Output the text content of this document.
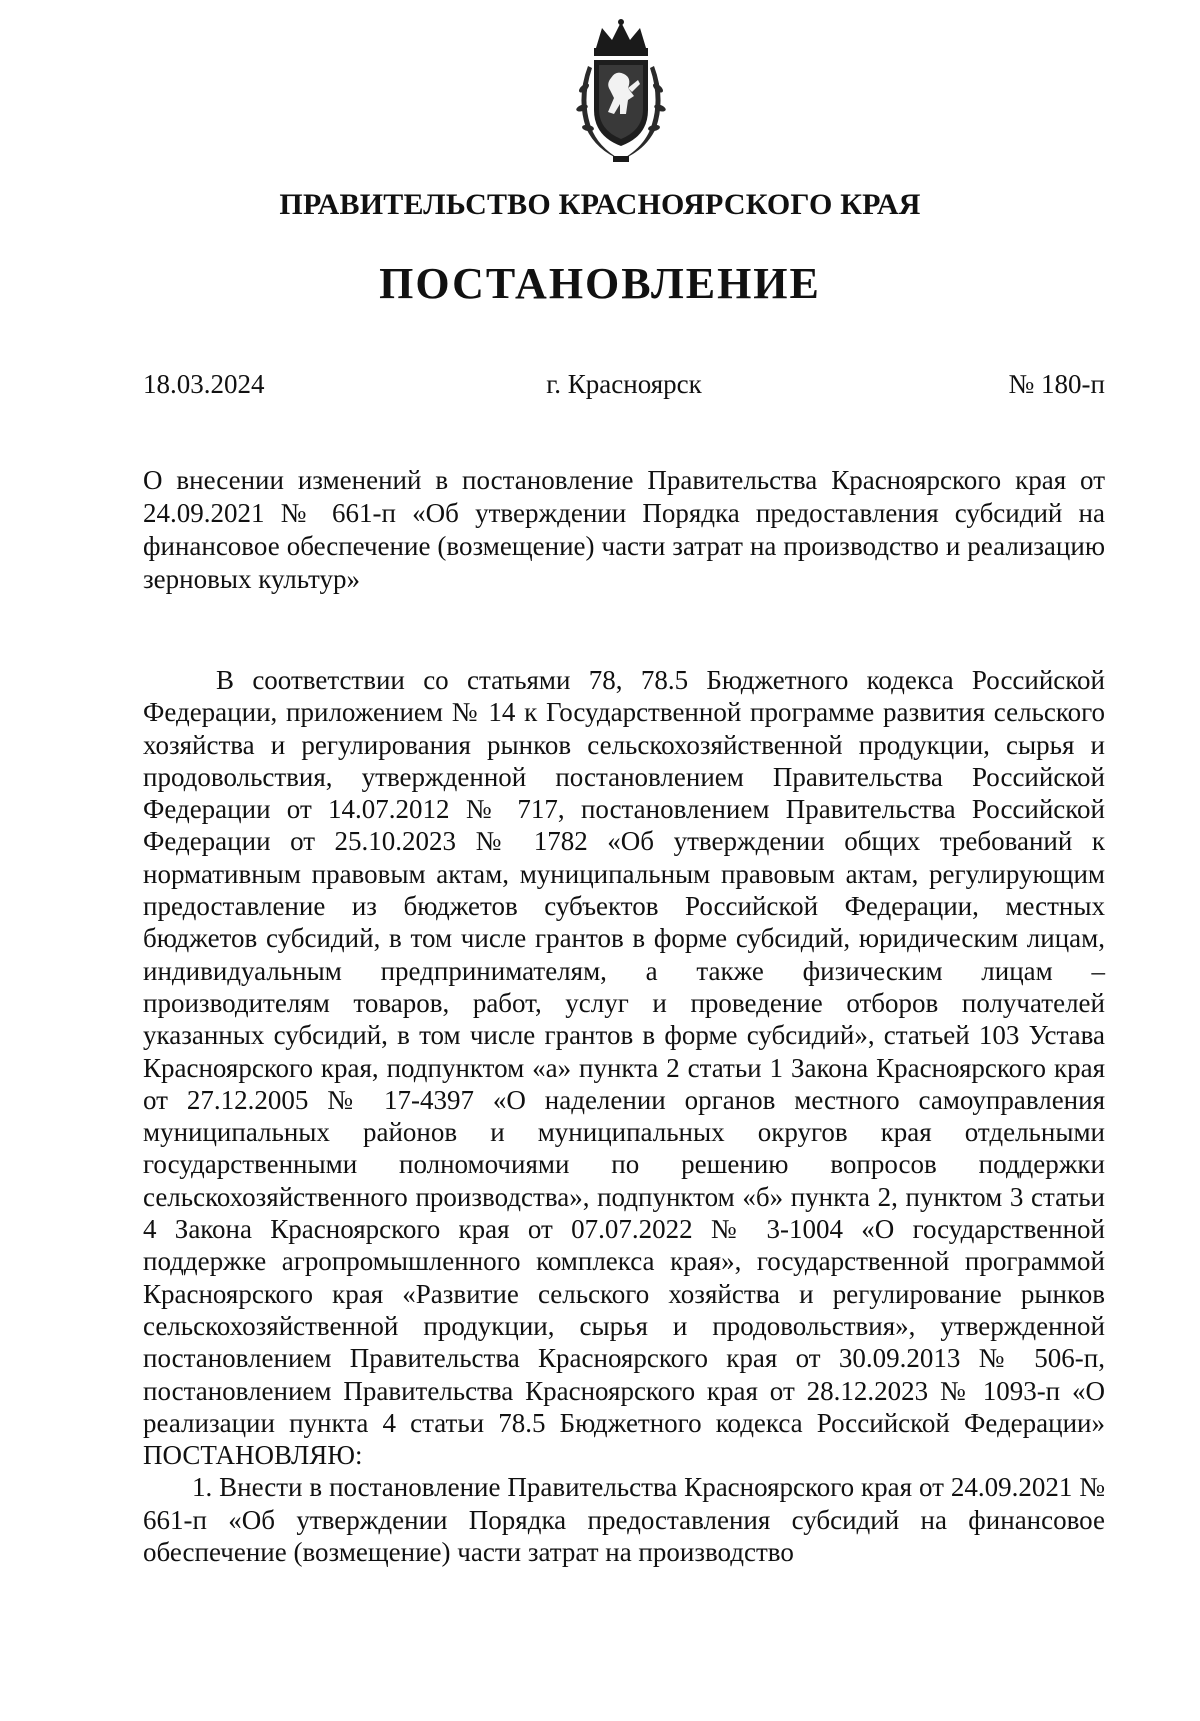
ПРАВИТЕЛЬСТВО КРАСНОЯРСКОГО КРАЯ
ПОСТАНОВЛЕНИЕ
18.03.2024	г. Красноярск	№ 180-п
О внесении изменений в постановление Правительства Красноярского края от 24.09.2021 № 661-п «Об утверждении Порядка предоставления субсидий на финансовое обеспечение (возмещение) части затрат на производство и реализацию зерновых культур»

В соответствии со статьями 78, 78.5 Бюджетного кодекса Российской Федерации, приложением № 14 к Государственной программе развития сельского хозяйства и регулирования рынков сельскохозяйственной продукции, сырья и продовольствия, утвержденной постановлением Правительства Российской Федерации от 14.07.2012 № 717, постановлением Правительства Российской Федерации от 25.10.2023 № 1782 «Об утверждении общих требований к нормативным правовым актам, муниципальным правовым актам, регулирующим предоставление из бюджетов субъектов Российской Федерации, местных бюджетов субсидий, в том числе грантов в форме субсидий, юридическим лицам, индивидуальным предпринимателям, а также физическим лицам – производителям товаров, работ, услуг и проведение отборов получателей указанных субсидий, в том числе грантов в форме субсидий», статьей 103 Устава Красноярского края, подпунктом «а» пункта 2 статьи 1 Закона Красноярского края от 27.12.2005 № 17-4397 «О наделении органов местного самоуправления муниципальных районов и муниципальных округов края отдельными государственными полномочиями по решению вопросов поддержки сельскохозяйственного производства», подпунктом «б» пункта 2, пунктом 3 статьи 4 Закона Красноярского края от 07.07.2022 № 3-1004 «О государственной поддержке агропромышленного комплекса края», государственной программой Красноярского края «Развитие сельского хозяйства и регулирование рынков сельскохозяйственной продукции, сырья и продовольствия», утвержденной постановлением Правительства Красноярского края от 30.09.2013 № 506-п, постановлением Правительства Красноярского края от 28.12.2023 № 1093-п «О реализации пункта 4 статьи 78.5 Бюджетного кодекса Российской Федерации» ПОСТАНОВЛЯЮ:

1. Внести в постановление Правительства Красноярского края от 24.09.2021 № 661-п «Об утверждении Порядка предоставления субсидий на финансовое обеспечение (возмещение) части затрат на производство
